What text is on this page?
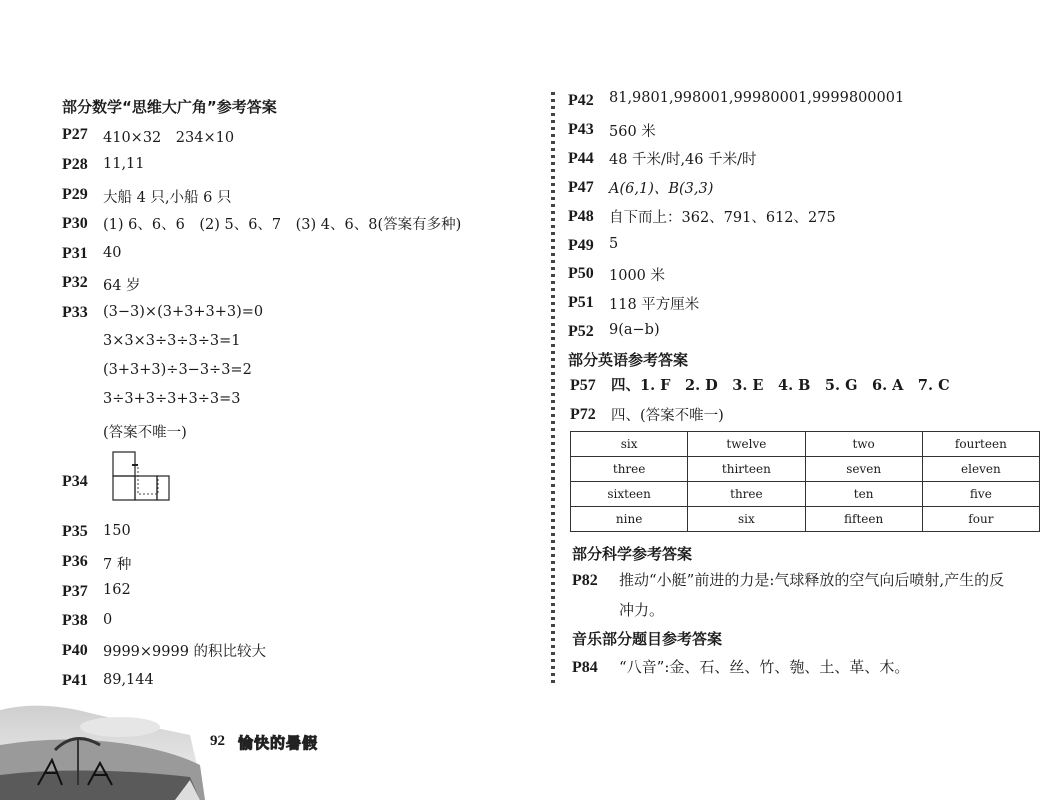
部分数学“思维大广角”参考答案
P27 410×32　234×10
P28 11,11
P29 大船 4 只,小船 6 只
P30 (1) 6、6、6　(2) 5、6、7　(3) 4、6、8(答案有多种)
P31 40
P32 64 岁
P33 (3−3)×(3+3+3+3)=0
3×3×3÷3÷3÷3=1
(3+3+3)÷3−3÷3=2
3÷3+3÷3+3÷3=3
(答案不唯一)
P34
P35 150
P36 7 种
P37 162
P38 0
P40 9999×9999 的积比较大
P41 89,144
P42 81,9801,998001,99980001,9999800001
P43 560 米
P44 48 千米/时,46 千米/时
P47 A(6,1)、B(3,3)
P48 自下而上：362、791、612、275
P49 5
P50 1000 米
P51 118 平方厘米
P52 9(a−b)
部分英语参考答案
P57 四、1. F　2. D　3. E　4. B　5. G　6. A　7. C
P72 四、(答案不唯一)
six	twelve	two	fourteen
three	thirteen	seven	eleven
sixteen	three	ten	five
nine	six	fifteen	four
部分科学参考答案
P82 推动“小艇”前进的力是:气球释放的空气向后喷射,产生的反
冲力。
音乐部分题目参考答案
P84 “八音”:金、石、丝、竹、匏、土、革、木。
92 愉快的暑假
